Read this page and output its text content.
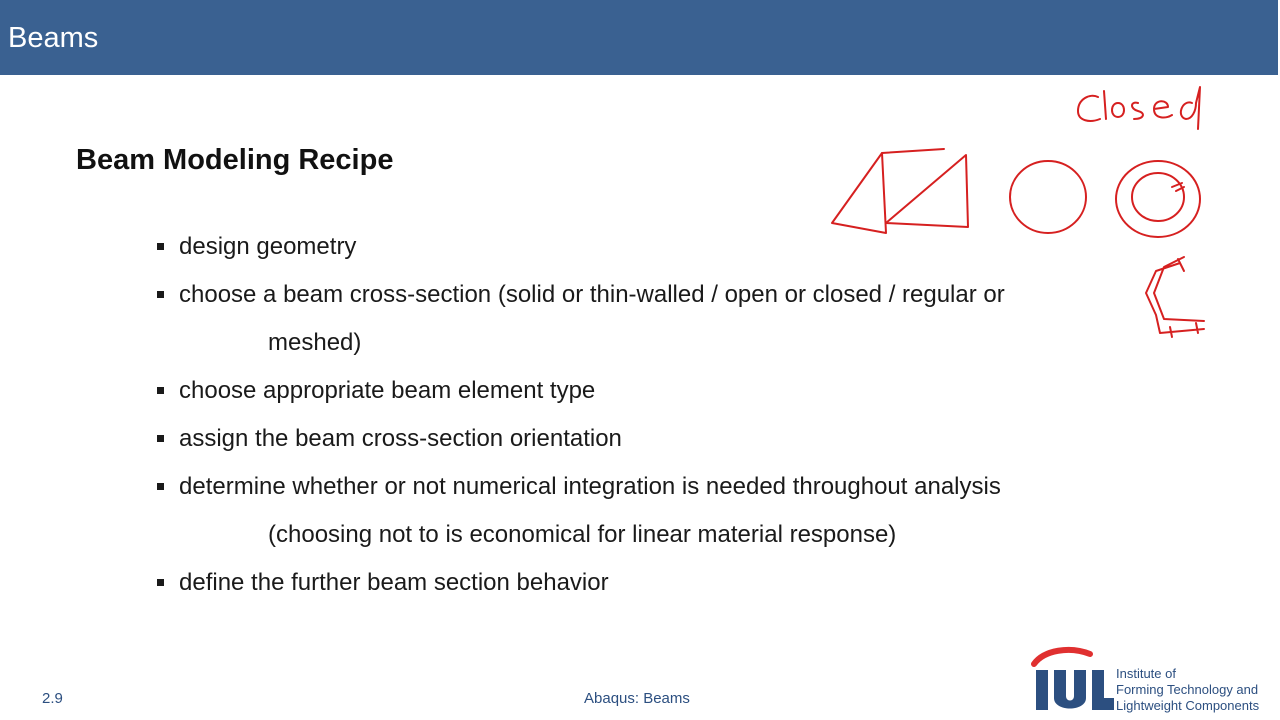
Beams
Beam Modeling Recipe
design geometry
choose a beam cross-section (solid or thin-walled / open or closed / regular or
meshed)
choose appropriate beam element type
assign the beam cross-section orientation
determine whether or not numerical integration is needed throughout analysis
(choosing not to is economical for linear material response)
define the further beam section behavior
2.9	Abaqus: Beams
Institute of
Forming Technology and
Lightweight Components
